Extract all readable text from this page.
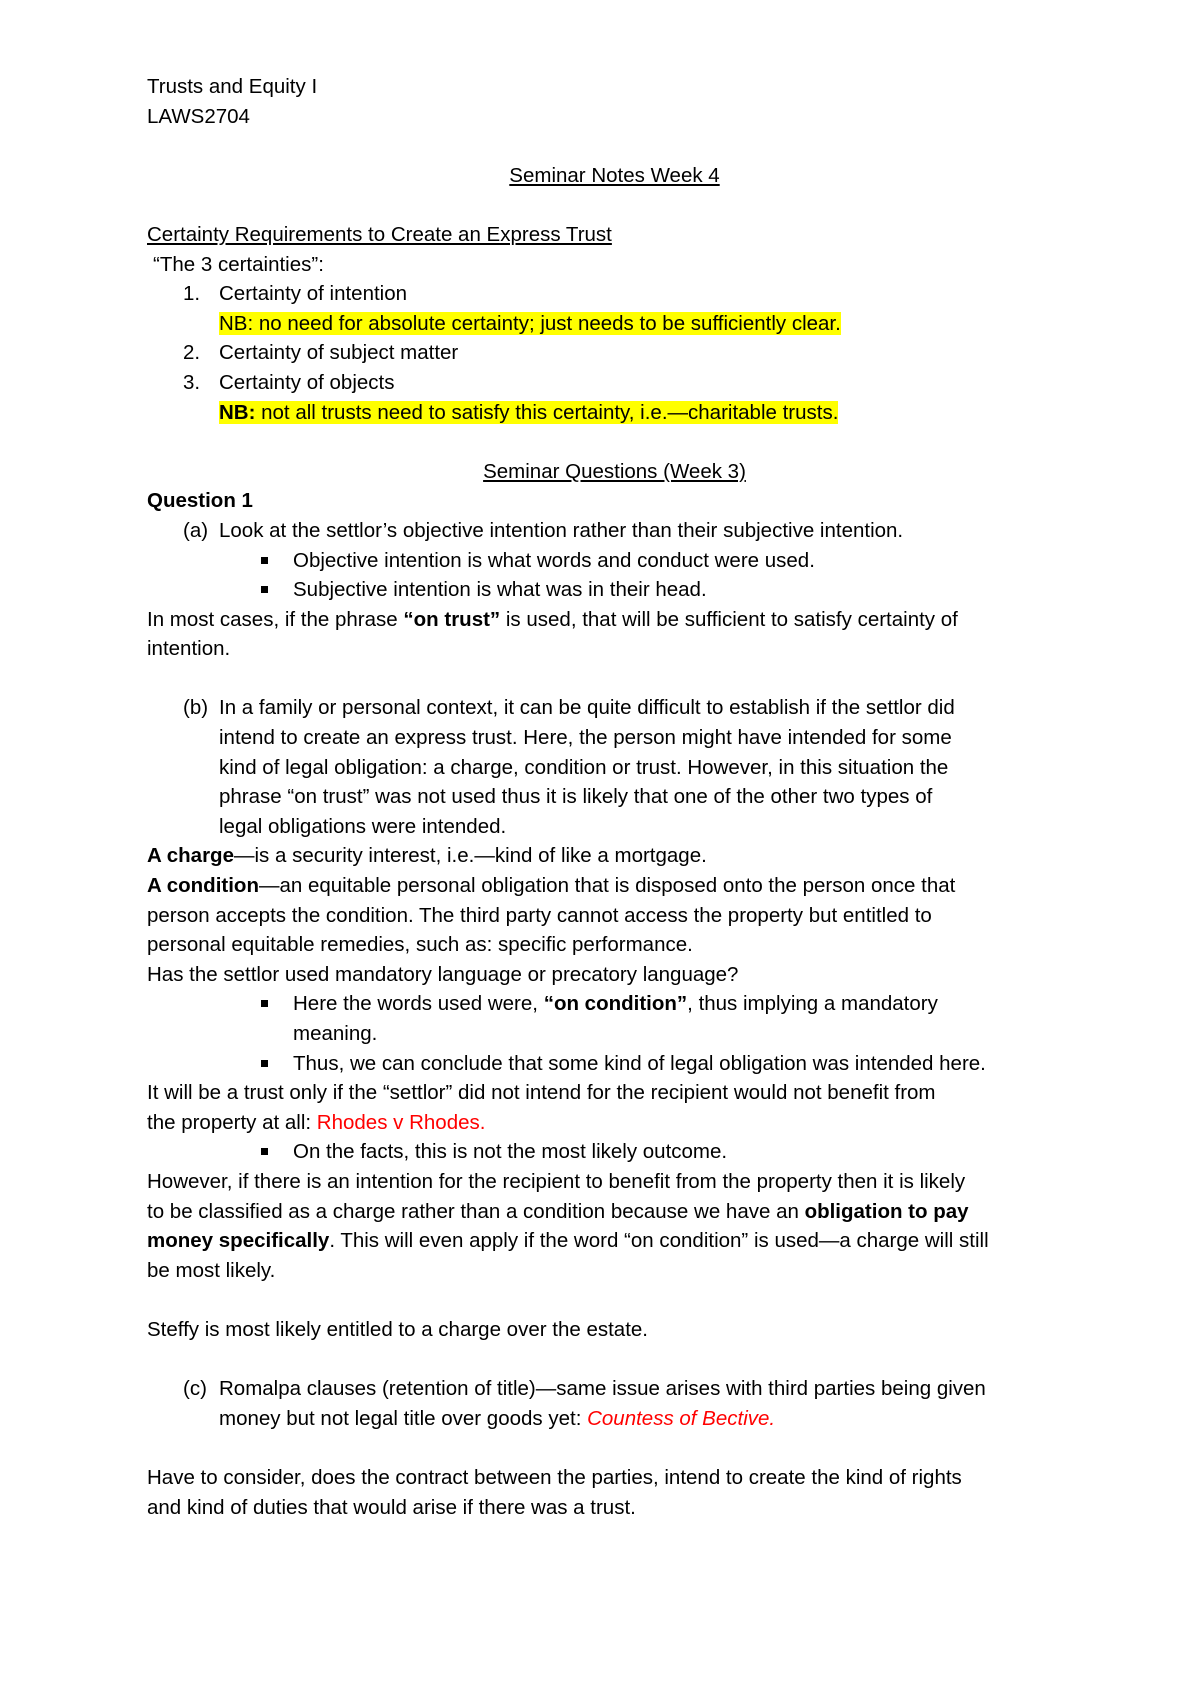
Trusts and Equity I
LAWS2704
Seminar Notes Week 4
Certainty Requirements to Create an Express Trust
“The 3 certainties”:
1. Certainty of intention
NB: no need for absolute certainty; just needs to be sufficiently clear.
2. Certainty of subject matter
3. Certainty of objects
NB: not all trusts need to satisfy this certainty, i.e.—charitable trusts.
Seminar Questions (Week 3)
Question 1
(a) Look at the settlor’s objective intention rather than their subjective intention.
Objective intention is what words and conduct were used.
Subjective intention is what was in their head.
In most cases, if the phrase “on trust” is used, that will be sufficient to satisfy certainty of
intention.
(b) In a family or personal context, it can be quite difficult to establish if the settlor did
intend to create an express trust. Here, the person might have intended for some
kind of legal obligation: a charge, condition or trust. However, in this situation the
phrase “on trust” was not used thus it is likely that one of the other two types of
legal obligations were intended.
A charge—is a security interest, i.e.—kind of like a mortgage.
A condition—an equitable personal obligation that is disposed onto the person once that
person accepts the condition. The third party cannot access the property but entitled to
personal equitable remedies, such as: specific performance.
Has the settlor used mandatory language or precatory language?
Here the words used were, “on condition”, thus implying a mandatory
meaning.
Thus, we can conclude that some kind of legal obligation was intended here.
It will be a trust only if the “settlor” did not intend for the recipient would not benefit from
the property at all: Rhodes v Rhodes.
On the facts, this is not the most likely outcome.
However, if there is an intention for the recipient to benefit from the property then it is likely
to be classified as a charge rather than a condition because we have an obligation to pay
money specifically. This will even apply if the word “on condition” is used—a charge will still
be most likely.
Steffy is most likely entitled to a charge over the estate.
(c) Romalpa clauses (retention of title)—same issue arises with third parties being given
money but not legal title over goods yet: Countess of Bective.
Have to consider, does the contract between the parties, intend to create the kind of rights
and kind of duties that would arise if there was a trust.
